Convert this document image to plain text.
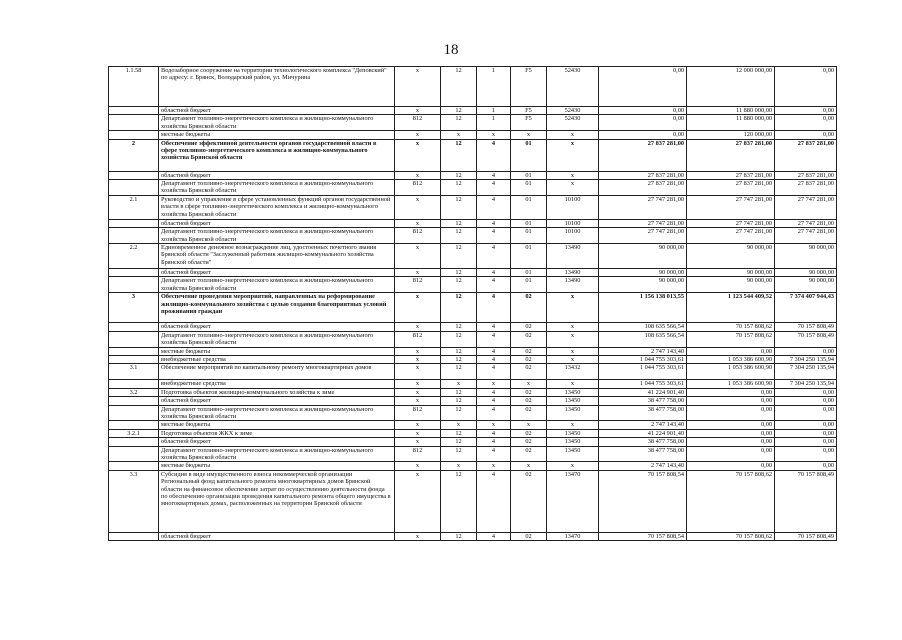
18
1.1.58	Водозаборное сооружение на территории технологического комплекса "Деповский" по адресу: г. Брянск, Володарский район, ул. Мичурина	x	12	1	F5	52430	0,00	12 000 000,00	0,00
	областной бюджет	x	12	1	F5	52430	0,00	11 880 000,00	0,00
	Департамент топливно-энергетического комплекса и жилищно-коммунального хозяйства Брянской области	812	12	1	F5	52430	0,00	11 880 000,00	0,00
	местные бюджеты	x	x	x	x	x	0,00	120 000,00	0,00
2	Обеспечение эффективной деятельности органов государственной власти в сфере топливно-энергетического комплекса и жилищно-коммунального хозяйства Брянской области	x	12	4	01	x	27 837 281,00	27 837 281,00	27 837 281,00
	областной бюджет	x	12	4	01	x	27 837 281,00	27 837 281,00	27 837 281,00
	Департамент топливно-энергетического комплекса и жилищно-коммунального хозяйства Брянской области	812	12	4	01	x	27 837 281,00	27 837 281,00	27 837 281,00
2.1	Руководство и управление в сфере установленных функций органов государственной власти в сфере топливно-энергетического комплекса и жилищно-коммунального хозяйства Брянской области	x	12	4	01	10100	27 747 281,00	27 747 281,00	27 747 281,00
	областной бюджет	x	12	4	01	10100	27 747 281,00	27 747 281,00	27 747 281,00
	Департамент топливно-энергетического комплекса и жилищно-коммунального хозяйства Брянской области	812	12	4	01	10100	27 747 281,00	27 747 281,00	27 747 281,00
2.2	Единовременное денежное вознаграждение лиц, удостоенных почетного звания Брянской области "Заслуженный работник жилищно-коммунального хозяйства Брянской области"	x	12	4	01	13490	90 000,00	90 000,00	90 000,00
	областной бюджет	x	12	4	01	13490	90 000,00	90 000,00	90 000,00
	Департамент топливно-энергетического комплекса и жилищно-коммунального хозяйства Брянской области	812	12	4	01	13490	90 000,00	90 000,00	90 000,00
3	Обеспечение проведения мероприятий, направленных на реформирование жилищно-коммунального хозяйства с целью создания благоприятных условий проживания граждан	x	12	4	02	x	1 156 138 013,55	1 123 544 409,52	7 374 407 944,43
	областной бюджет	x	12	4	02	x	108 635 566,54	70 157 808,62	70 157 808,49
	Департамент топливно-энергетического комплекса и жилищно-коммунального хозяйства Брянской области	812	12	4	02	x	108 635 566,54	70 157 808,62	70 157 808,49
	местные бюджеты	x	12	4	02	x	2 747 143,40	0,00	0,00
	внебюджетные средства	x	12	4	02	x	1 044 755 303,61	1 053 386 600,90	7 304 250 135,94
3.1	Обеспечение мероприятий по капитальному ремонту многоквартирных домов	x	12	4	02	13432	1 044 755 303,61	1 053 386 600,90	7 304 250 135,94
	внебюджетные средства	x	x	x	x	x	1 044 755 303,61	1 053 386 600,90	7 304 250 135,94
3.2	Подготовка объектов жилищно-коммунального хозяйства к зиме	x	12	4	02	13450	41 224 901,40	0,00	0,00
	областной бюджет	x	12	4	02	13450	38 477 758,00	0,00	0,00
	Департамент топливно-энергетического комплекса и жилищно-коммунального хозяйства Брянской области	812	12	4	02	13450	38 477 758,00	0,00	0,00
	местные бюджеты	x	x	x	x	x	2 747 143,40	0,00	0,00
3.2.1	Подготовка объектов ЖКХ к зиме	x	12	4	02	13450	41 224 901,40	0,00	0,00
	областной бюджет	x	12	4	02	13450	38 477 758,00	0,00	0,00
	Департамент топливно-энергетического комплекса и жилищно-коммунального хозяйства Брянской области	812	12	4	02	13450	38 477 758,00	0,00	0,00
	местные бюджеты	x	x	x	x	x	2 747 143,40	0,00	0,00
3.3	Субсидия в виде имущественного взноса некоммерческой организации Региональный фонд капитального ремонта многоквартирных домов Брянской области на финансовое обеспечение затрат по осуществлению деятельности фонда по обеспечению организации проведения капитального ремонта общего имущества в многоквартирных домах, расположенных на территории Брянской области	x	12	4	02	13470	70 157 808,54	70 157 808,62	70 157 808,49
	областной бюджет	x	12	4	02	13470	70 157 808,54	70 157 808,62	70 157 808,49
